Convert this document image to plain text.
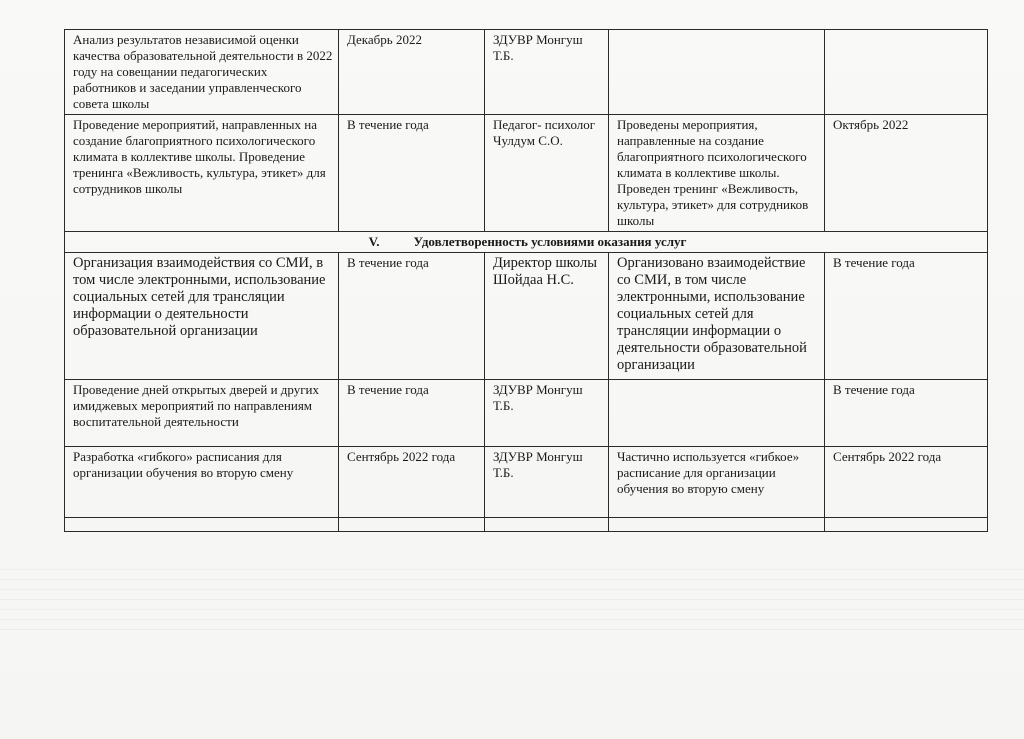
Анализ результатов независимой оценки качества образовательной деятельности в 2022 году на совещании педагогических работников и заседании управленческого совета школы	Декабрь 2022	ЗДУВР Монгуш Т.Б.		
Проведение мероприятий, направленных на создание благоприятного психологического климата в коллективе школы. Проведение тренинга «Вежливость, культура, этикет» для сотрудников школы	В течение года	Педагог- психолог Чулдум С.О.	Проведены мероприятия, направленные на создание благоприятного психологического климата в коллективе школы. Проведен тренинг «Вежливость, культура, этикет» для сотрудников школы	Октябрь 2022
V. Удовлетворенность условиями оказания услуг				
Организация взаимодействия со СМИ, в том числе электронными, использование социальных сетей для трансляции информации о деятельности образовательной организации	В течение года	Директор школы Шойдаа Н.С.	Организовано взаимодействие со СМИ, в том числе электронными, использование социальных сетей для трансляции информации о деятельности образовательной организации	В течение года
Проведение дней открытых дверей и других имиджевых мероприятий по направлениям воспитательной деятельности	В течение года	ЗДУВР Монгуш Т.Б.		В течение года
Разработка «гибкого» расписания для организации обучения во вторую смену	Сентябрь 2022 года	ЗДУВР Монгуш Т.Б.	Частично используется «гибкое» расписание для организации обучения во вторую смену	Сентябрь 2022 года
